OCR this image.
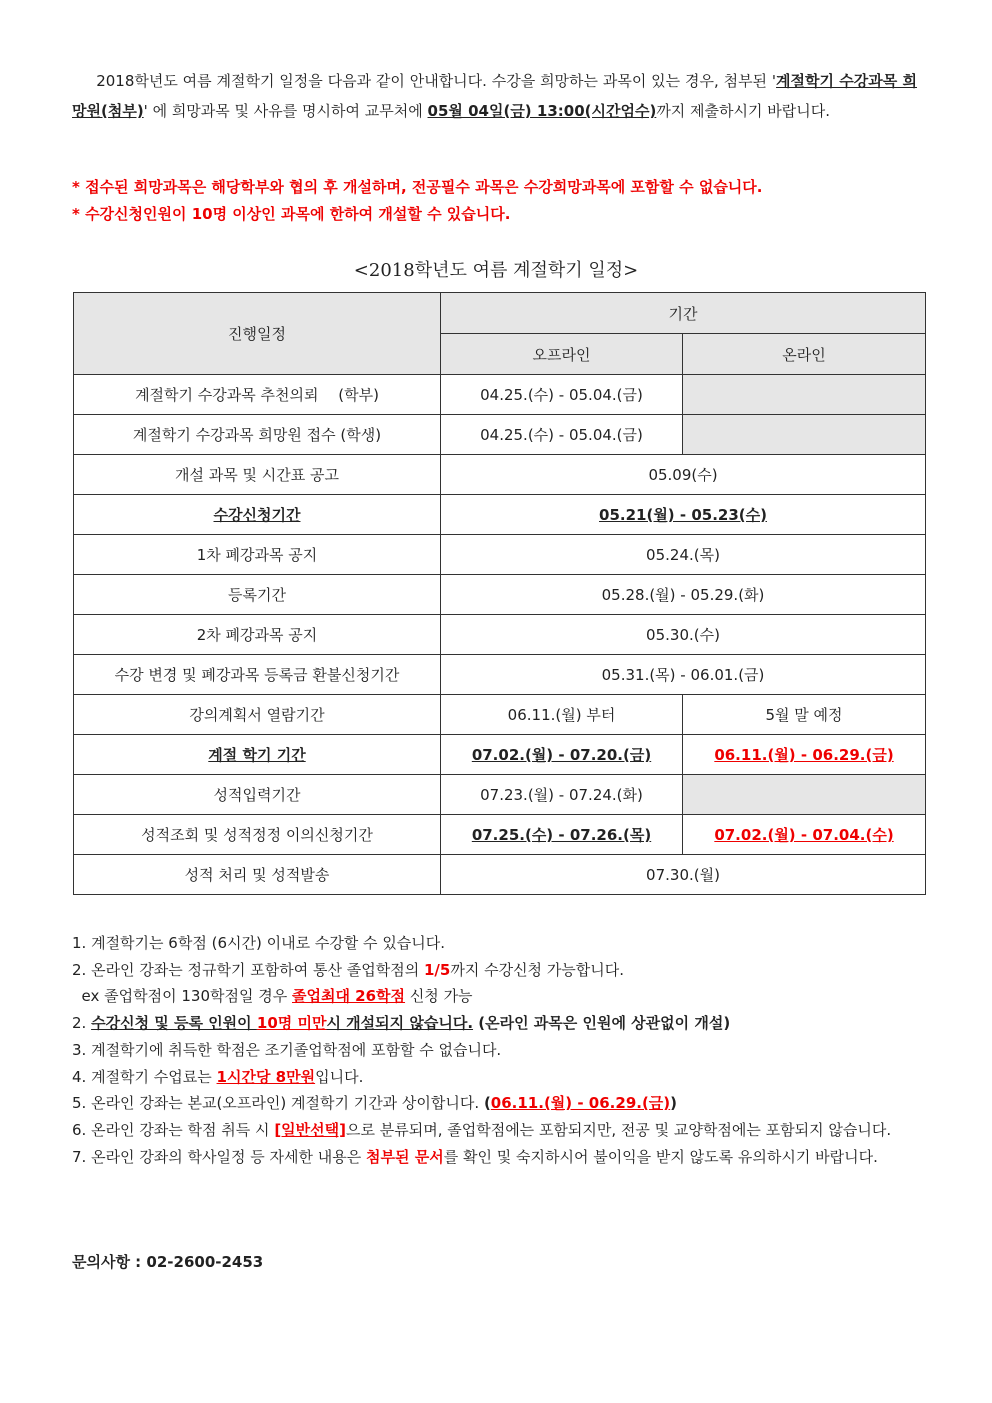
2018학년도 여름 계절학기 일정을 다음과 같이 안내합니다. 수강을 희망하는 과목이 있는 경우, 첨부된 '계절학기 수강과목 희망원(첨부)' 에 희망과목 및 사유를 명시하여 교무처에 05월 04일(금) 13:00(시간엄수)까지 제출하시기 바랍니다.

* 접수된 희망과목은 해당학부와 협의 후 개설하며, 전공필수 과목은 수강희망과목에 포함할 수 없습니다.
* 수강신청인원이 10명 이상인 과목에 한하여 개설할 수 있습니다.
<2018학년도 여름 계절학기 일정>
진행일정	기간	
	오프라인	온라인
계절학기 수강과목 추천의뢰 　(학부)	04.25.(수) - 05.04.(금)	
계절학기 수강과목 희망원 접수 (학생)	04.25.(수) - 05.04.(금)	
개설 과목 및 시간표 공고	05.09(수)	
수강신청기간	05.21(월) - 05.23(수)	
1차 폐강과목 공지	05.24.(목)	
등록기간	05.28.(월) - 05.29.(화)	
2차 폐강과목 공지	05.30.(수)	
수강 변경 및 폐강과목 등록금 환불신청기간	05.31.(목) - 06.01.(금)	
강의계획서 열람기간	06.11.(월) 부터	5월 말 예정
계절 학기 기간	07.02.(월) - 07.20.(금)	06.11.(월) - 06.29.(금)
성적입력기간	07.23.(월) - 07.24.(화)	
성적조회 및 성적정정 이의신청기간	07.25.(수) - 07.26.(목)	07.02.(월) - 07.04.(수)
성적 처리 및 성적발송	07.30.(월)	
1. 계절학기는 6학점 (6시간) 이내로 수강할 수 있습니다.
2. 온라인 강좌는 정규학기 포함하여 통산 졸업학점의 1/5까지 수강신청 가능합니다.
ex 졸업학점이 130학점일 경우 졸업최대 26학점 신청 가능
2. 수강신청 및 등록 인원이 10명 미만시 개설되지 않습니다. (온라인 과목은 인원에 상관없이 개설)
3. 계절학기에 취득한 학점은 조기졸업학점에 포함할 수 없습니다.
4. 계절학기 수업료는 1시간당 8만원입니다.
5. 온라인 강좌는 본교(오프라인) 계절학기 기간과 상이합니다. (06.11.(월) - 06.29.(금))
6. 온라인 강좌는 학점 취득 시 [일반선택]으로 분류되며, 졸업학점에는 포함되지만, 전공 및 교양학점에는 포함되지 않습니다.
7. 온라인 강좌의 학사일정 등 자세한 내용은 첨부된 문서를 확인 및 숙지하시어 불이익을 받지 않도록 유의하시기 바랍니다.
문의사항 : 02-2600-2453
